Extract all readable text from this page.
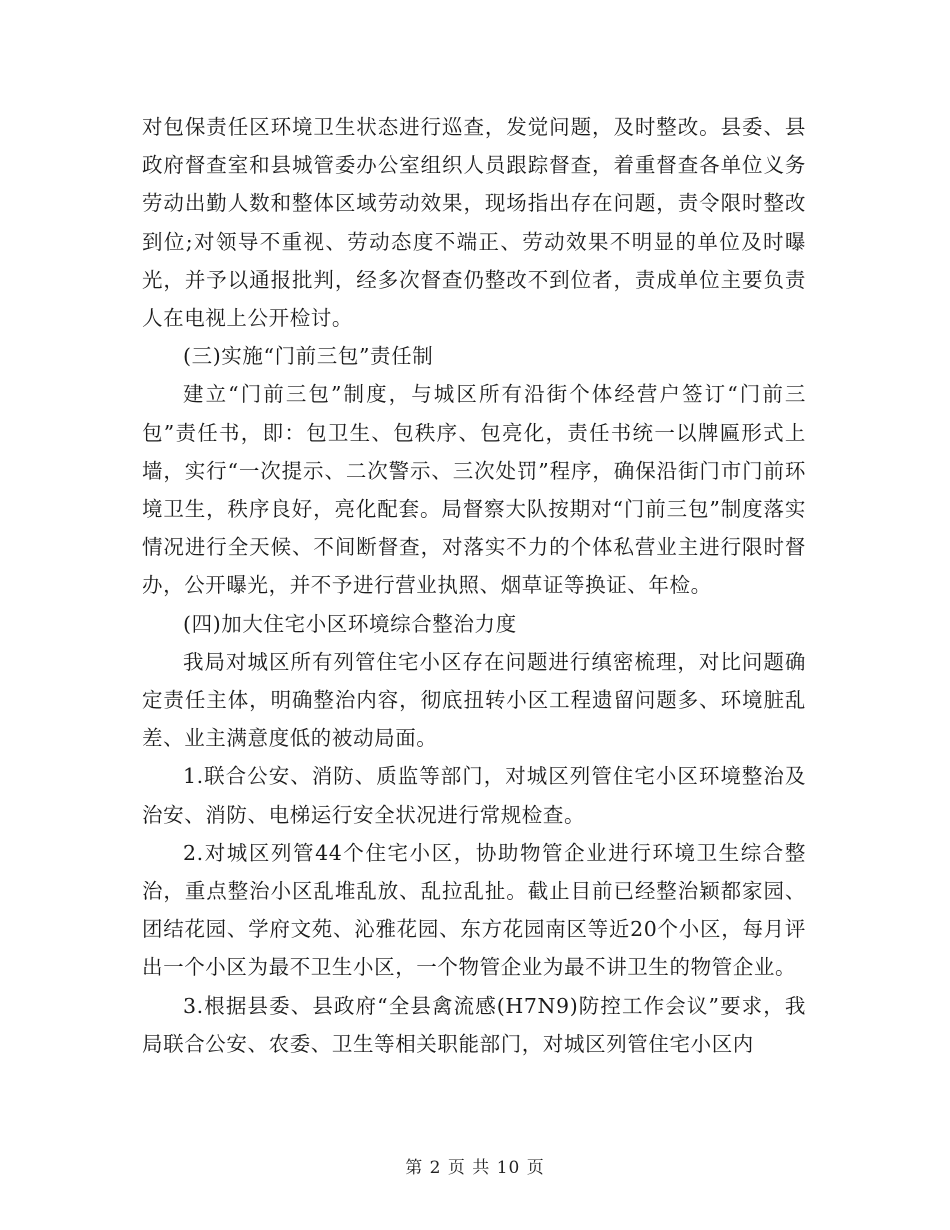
对包保责任区环境卫生状态进行巡查，发觉问题，及时整改。县委、县政府督查室和县城管委办公室组织人员跟踪督查，着重督查各单位义务劳动出勤人数和整体区域劳动效果，现场指出存在问题，责令限时整改到位;对领导不重视、劳动态度不端正、劳动效果不明显的单位及时曝光，并予以通报批判，经多次督查仍整改不到位者，责成单位主要负责人在电视上公开检讨。

(三)实施“门前三包”责任制

建立“门前三包”制度，与城区所有沿街个体经营户签订“门前三包”责任书，即：包卫生、包秩序、包亮化，责任书统一以牌匾形式上墙，实行“一次提示、二次警示、三次处罚”程序，确保沿街门市门前环境卫生，秩序良好，亮化配套。局督察大队按期对“门前三包”制度落实情况进行全天候、不间断督查，对落实不力的个体私营业主进行限时督办，公开曝光，并不予进行营业执照、烟草证等换证、年检。

(四)加大住宅小区环境综合整治力度

我局对城区所有列管住宅小区存在问题进行缜密梳理，对比问题确定责任主体，明确整治内容，彻底扭转小区工程遗留问题多、环境脏乱差、业主满意度低的被动局面。

1.联合公安、消防、质监等部门，对城区列管住宅小区环境整治及治安、消防、电梯运行安全状况进行常规检查。

2.对城区列管44个住宅小区，协助物管企业进行环境卫生综合整治，重点整治小区乱堆乱放、乱拉乱扯。截止目前已经整治颖都家园、团结花园、学府文苑、沁雅花园、东方花园南区等近20个小区，每月评出一个小区为最不卫生小区，一个物管企业为最不讲卫生的物管企业。

3.根据县委、县政府“全县禽流感(H7N9)防控工作会议”要求，我局联合公安、农委、卫生等相关职能部门，对城区列管住宅小区内

第 2 页 共 10 页
